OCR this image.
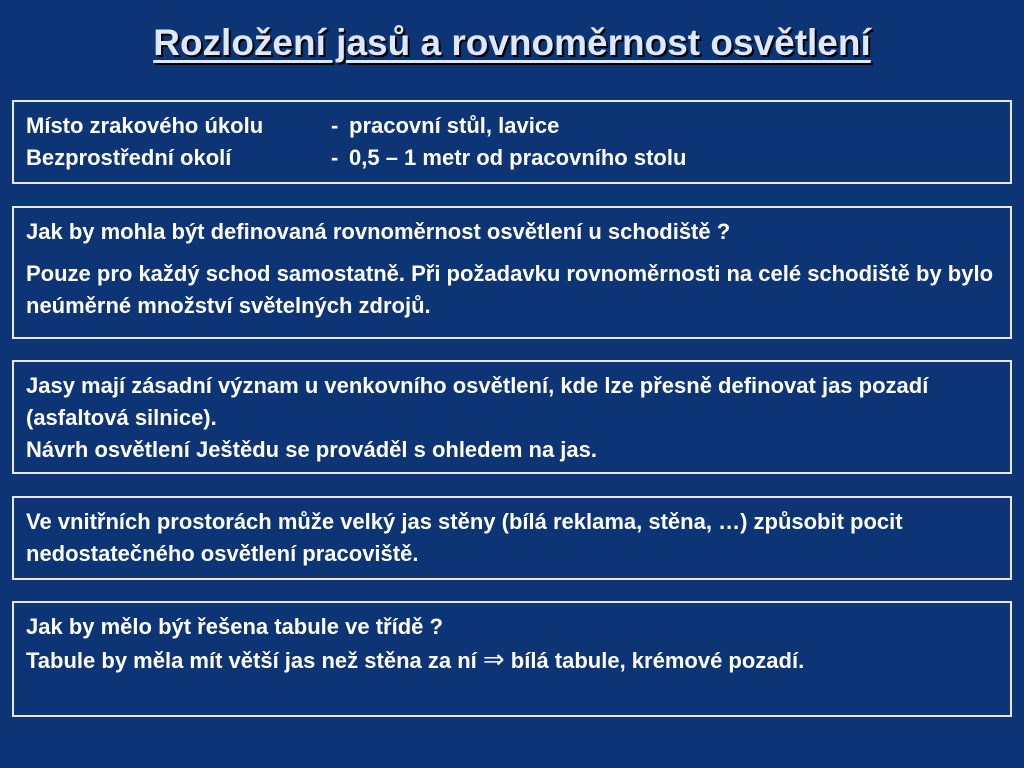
Rozložení jasů a rovnoměrnost osvětlení
Místo zrakového úkolu	- pracovní stůl, lavice
Bezprostřední okolí	- 0,5 – 1 metr od pracovního stolu

Jak by mohla být definovaná rovnoměrnost osvětlení u schodiště ?

Pouze pro každý schod samostatně. Při požadavku rovnoměrnosti na celé schodiště by bylo neúměrné množství světelných zdrojů.

Jasy mají zásadní význam u venkovního osvětlení, kde lze přesně definovat jas pozadí (asfaltová silnice).

Návrh osvětlení Ještědu se prováděl s ohledem na jas.

Ve vnitřních prostorách může velký jas stěny (bílá reklama, stěna, …) způsobit pocit nedostatečného osvětlení pracoviště.

Jak by mělo být řešena tabule ve třídě ?

Tabule by měla mít větší jas než stěna za ní ⇒ bílá tabule, krémové pozadí.
